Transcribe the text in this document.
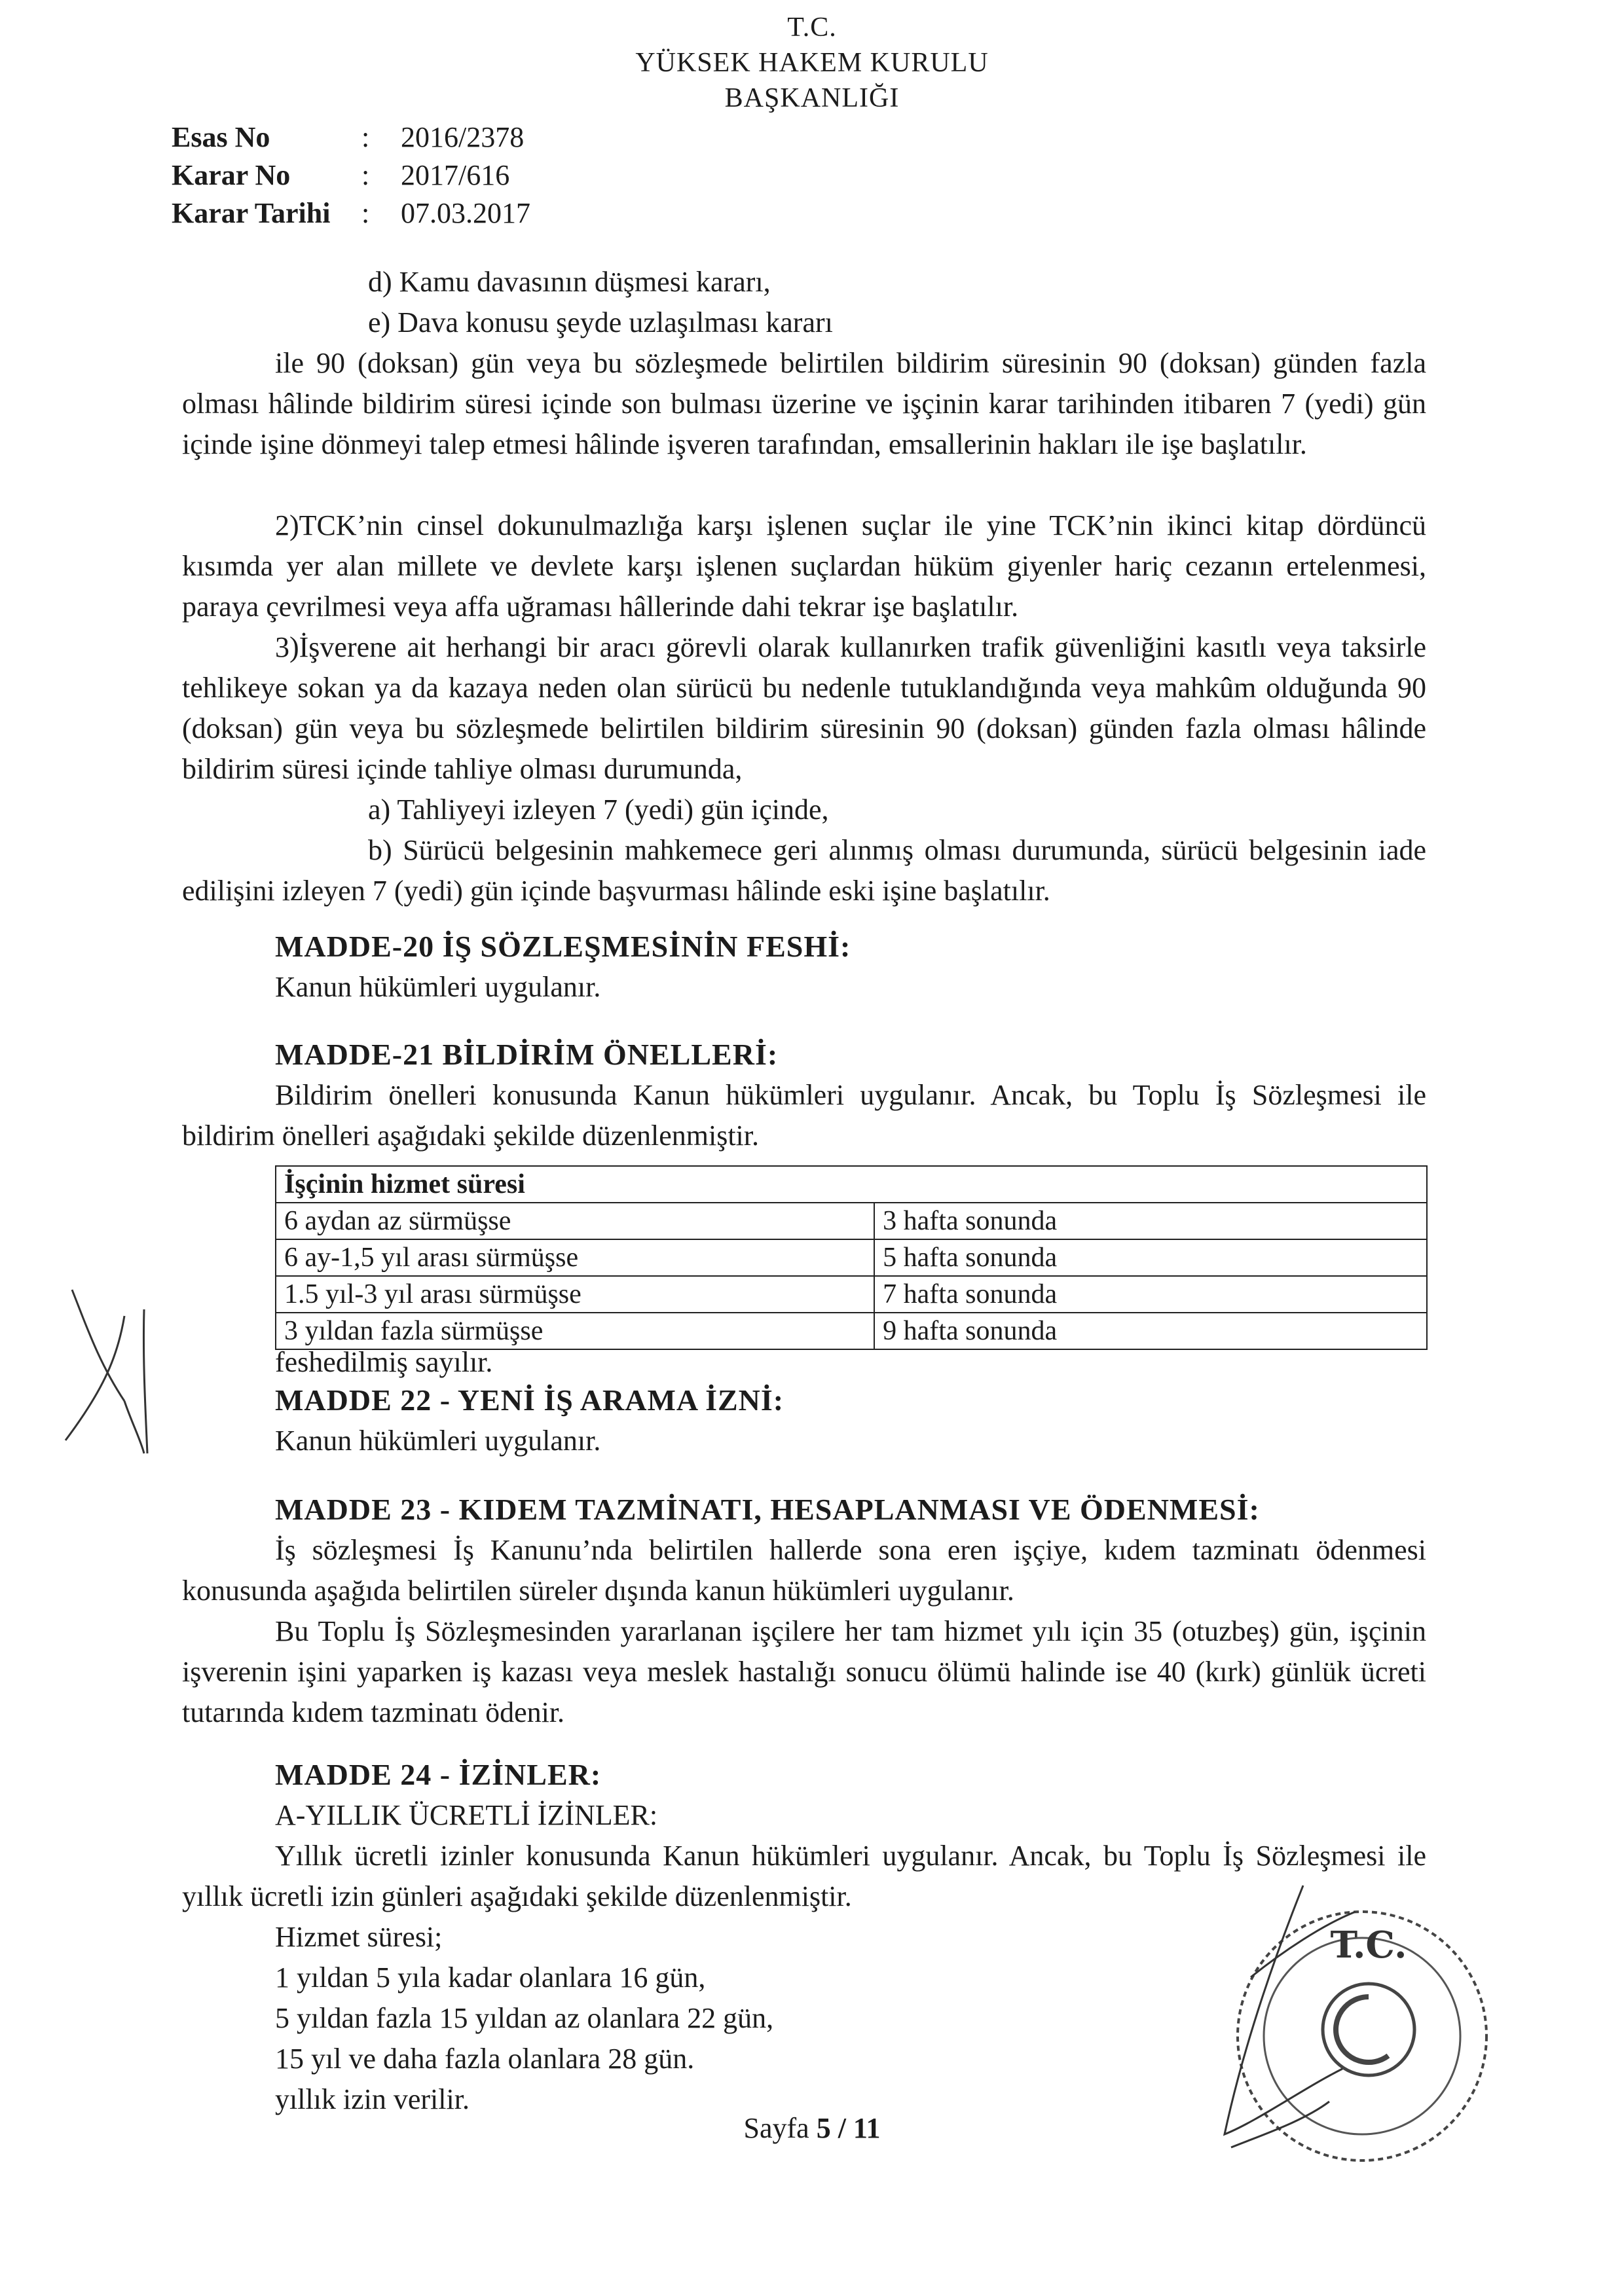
T.C.
YÜKSEK HAKEM KURULU
BAŞKANLIĞI
Esas No	: 2016/2378
Karar No : 2017/616
Karar Tarihi : 07.03.2017
d) Kamu davasının düşmesi kararı,
e) Dava konusu şeyde uzlaşılması kararı
ile 90 (doksan) gün veya bu sözleşmede belirtilen bildirim süresinin 90 (doksan) günden fazla olması hâlinde bildirim süresi içinde son bulması üzerine ve işçinin karar tarihinden itibaren 7 (yedi) gün içinde işine dönmeyi talep etmesi hâlinde işveren tarafından, emsallerinin hakları ile işe başlatılır.
2)TCK’nin cinsel dokunulmazlığa karşı işlenen suçlar ile yine TCK’nin ikinci kitap dördüncü kısımda yer alan millete ve devlete karşı işlenen suçlardan hüküm giyenler hariç cezanın ertelenmesi, paraya çevrilmesi veya affa uğraması hâllerinde dahi tekrar işe başlatılır.
3)İşverene ait herhangi bir aracı görevli olarak kullanırken trafik güvenliğini kasıtlı veya taksirle tehlikeye sokan ya da kazaya neden olan sürücü bu nedenle tutuklandığında veya mahkûm olduğunda 90 (doksan) gün veya bu sözleşmede belirtilen bildirim süresinin 90 (doksan) günden fazla olması hâlinde bildirim süresi içinde tahliye olması durumunda,
a) Tahliyeyi izleyen 7 (yedi) gün içinde,
b) Sürücü belgesinin mahkemece geri alınmış olması durumunda, sürücü belgesinin iade edilişini izleyen 7 (yedi) gün içinde başvurması hâlinde eski işine başlatılır.
MADDE-20 İŞ SÖZLEŞMESİNİN FESHİ:
Kanun hükümleri uygulanır.
MADDE-21 BİLDİRİM ÖNELLERİ:
Bildirim önelleri konusunda Kanun hükümleri uygulanır. Ancak, bu Toplu İş Sözleşmesi ile bildirim önelleri aşağıdaki şekilde düzenlenmiştir.
İşçinin hizmet süresi	
6 aydan az sürmüşse	3 hafta sonunda
6 ay-1,5 yıl arası sürmüşse	5 hafta sonunda
1.5 yıl-3 yıl arası sürmüşse	7 hafta sonunda
3 yıldan fazla sürmüşse	9 hafta sonunda
feshedilmiş sayılır.
MADDE 22 - YENİ İŞ ARAMA İZNİ:
Kanun hükümleri uygulanır.
MADDE 23 - KIDEM TAZMİNATI, HESAPLANMASI VE ÖDENMESİ:
İş sözleşmesi İş Kanunu’nda belirtilen hallerde sona eren işçiye, kıdem tazminatı ödenmesi konusunda aşağıda belirtilen süreler dışında kanun hükümleri uygulanır.
Bu Toplu İş Sözleşmesinden yararlanan işçilere her tam hizmet yılı için 35 (otuzbeş) gün, işçinin işverenin işini yaparken iş kazası veya meslek hastalığı sonucu ölümü halinde ise 40 (kırk) günlük ücreti tutarında kıdem tazminatı ödenir.
MADDE 24 - İZİNLER:
A-YILLIK ÜCRETLİ İZİNLER:
Yıllık ücretli izinler konusunda Kanun hükümleri uygulanır. Ancak, bu Toplu İş Sözleşmesi ile yıllık ücretli izin günleri aşağıdaki şekilde düzenlenmiştir.
Hizmet süresi;
1 yıldan 5 yıla kadar olanlara 16 gün,
5 yıldan fazla 15 yıldan az olanlara 22 gün,
15 yıl ve daha fazla olanlara 28 gün.
yıllık izin verilir.
Sayfa 5 / 11
T.C.
